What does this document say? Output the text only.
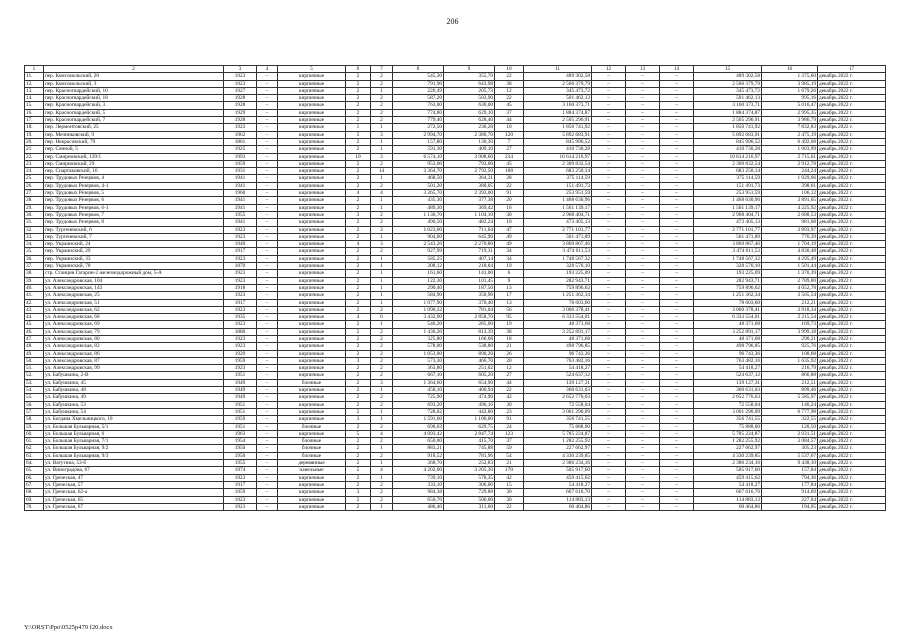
206
1	2	3	4	5	6	7	8	9	10	11	12	13	14	15	16	17
11.	пер. Комсомольский, 20	1923	–	кирпичные	2	2	545,30	355,70	22	489 302,58	–	–	–	489 302,58	1 375,60	декабрь 2022 г.
12.	пер. Комсомольский, 3	1923	–	кирпичные	2	2	791,90	643,98	38	2 566 379,79	–	–	–	2 566 379,79	3 985,19	декабрь 2022 г.
13.	пер. Красногвардейский, 10	1927	–	кирпичные	2	1	220,49	205,73	12	345 473,72	–	–	–	345 473,72	1 679,26	декабрь 2022 г.
14.	пер. Красногвардейский, 18	1928	–	кирпичные	2	2	587,20	503,90	22	501 462,13	–	–	–	501 462,13	995,16	декабрь 2022 г.
15.	пер. Красногвардейский, 3	1928	–	кирпичные	2	2	763,00	630,00	45	3 160 373,71	–	–	–	3 160 373,71	5 016,47	декабрь 2022 г.
16.	пер. Красногвардейский, 5	1929	–	кирпичные	2	2	774,80	629,10	37	1 884 374,87	–	–	–	1 884 374,87	2 995,35	декабрь 2022 г.
17.	пер. Красногвардейский, 7	1928	–	кирпичные	2	2	779,40	628,40	44	2 505 296,91	–	–	–	2 505 296,91	3 986,79	декабрь 2022 г.
18.	пер. Лермонтовский, 25	1923	–	кирпичные	1	1	272,50	236,28	10	1 850 741,92	–	–	–	1 850 741,92	7 832,83	декабрь 2022 г.
19.	пер. Мечниковский, 9	1962	–	кирпичные	5	3	2 994,70	2 380,70	120	5 892 683,91	–	–	–	5 892 683,91	2 475,19	декабрь 2022 г.
20.	пер. Некрасовский, 79	1861	–	кирпичные	2	1	157,80	130,30	7	845 996,52	–	–	–	845 996,52	6 492,68	декабрь 2022 г.
21.	пер. Сеиной, 5	1925	–	кирпичные	2	1	591,30	409,10	27	410 730,28	–	–	–	410 730,28	1 003,99	декабрь 2022 г.
22.	пер. Смирновский, 139/1	1993	–	кирпичные	10	3	6 574,10	3 908,60	234	10 614 216,97	–	–	–	10 614 216,97	2 715,61	декабрь 2022 г.
23.	пер. Смирновский, 29	1959	–	кирпичные	2	2	953,00	793,00	45	2 309 832,54	–	–	–	2 309 832,54	2 912,78	декабрь 2022 г.
24.	пер. Спартаковский, 16	1931	–	кирпичные	2	14	3 364,70	2 792,50	188	683 250,14	–	–	–	683 250,14	244,24	декабрь 2022 г.
25.	пер. Трудовых Резервов, 4	1941	–	кирпичные	2	1	468,50	364,31	28	375 114,59	–	–	–	375 114,59	1 029,66	декабрь 2022 г.
26.	пер. Трудовых Резервов, 4-1	1941	–	кирпичные	2	2	501,20	380,05	22	151 491,73	–	–	–	151 491,73	398,61	декабрь 2022 г.
27.	пер. Трудовых Резервов, 5	1960	–	кирпичные	4	4	3 265,70	2 393,00	91	253 951,59	–	–	–	253 951,59	106,12	декабрь 2022 г.
28.	пер. Трудовых Резервов, 6	1941	–	кирпичные	2	1	435,30	377,38	20	1 468 630,96	–	–	–	1 468 630,96	3 891,65	декабрь 2022 г.
29.	пер. Трудовых Резервов, 6-1	1941	–	кирпичные	2	1	489,30	369,42	16	1 561 139,17	–	–	–	1 561 139,17	4 225,92	декабрь 2022 г.
30.	пер. Трудовых Резервов, 7	1955	–	кирпичные	3	2	1 136,70	1 104,10	30	2 968 404,71	–	–	–	2 968 404,71	2 688,53	декабрь 2022 г.
31.	пер. Трудовых Резервов, 8	1941	–	кирпичные	2	2	490,50	482,24	10	473 405,13	–	–	–	473 405,13	981,68	декабрь 2022 г.
32.	пер. Тургеневский, 6	1923	–	кирпичные	2	3	1 023,00	711,64	47	2 771 101,77	–	–	–	2 771 101,77	3 893,97	декабрь 2022 г.
33.	пер. Тургеневский, 7	1923	–	кирпичные	2	1	904,00	645,90	49	501 471,89	–	–	–	501 471,89	776,39	декабрь 2022 г.
34.	пер. Украинский, 24	1940	–	кирпичные	4	3	2 543,20	2 270,80	49	3 869 867,46	–	–	–	3 869 867,46	1 704,19	декабрь 2022 г.
35.	пер. Украинский, 29	1917	–	кирпичные	2	2	927,99	719,31	34	3 474 611,53	–	–	–	3 474 611,53	4 830,48	декабрь 2022 г.
36.	пер. Украинский, 33	1923	–	кирпичные	2	1	585,25	407,14	34	1 748 567,32	–	–	–	1 748 567,32	4 295,49	декабрь 2022 г.
37.	пер. Украинский, 78	1870	–	кирпичные	2	1	308,12	218,84	19	328 576,10	–	–	–	328 576,10	1 501,44	декабрь 2022 г.
38.	стр. Станция Гагарин-2 железнодорожный дом, 5-А	1923	–	кирпичные	2	1	161,60	141,00	6	193 225,09	–	–	–	193 225,09	1 370,39	декабрь 2022 г.
39.	ул. Александровская, 104	1923	–	кирпичные	2	1	122,30	101,45	9	282 943,71	–	–	–	282 943,71	2 789,00	декабрь 2022 г.
40.	ул. Александровская, 143	1918	–	кирпичные	2	1	290,40	187,50	13	759 896,62	–	–	–	759 896,62	4 052,78	декабрь 2022 г.
41.	ул. Александровская, 25	1923	–	кирпичные	2	1	584,90	350,96	17	1 251 362,34	–	–	–	1 251 362,34	3 565,54	декабрь 2022 г.
42.	ул. Александровская, 51	1917	–	кирпичные	2	1	1 077,90	370,40	13	78 603,60	–	–	–	78 603,60	212,21	декабрь 2022 г.
43.	ул. Александровская, 62	1923	–	кирпичные	2	2	1 090,32	781,04	56	3 060 378,41	–	–	–	3 060 378,41	3 918,34	декабрь 2022 г.
44.	ул. Александровская, 68	1935	–	кирпичные	4	6	3 432,90	2 858,70	95	6 333 554,01	–	–	–	6 333 554,01	2 215,54	декабрь 2022 г.
45.	ул. Александровская, 69	1923	–	кирпичные	2	1	546,20	285,00	19	48 371,68	–	–	–	48 371,68	169,73	декабрь 2022 г.
46.	ул. Александровская, 79	1880	–	кирпичные	2	2	1 436,20	813,39	38	3 252 891,17	–	–	–	3 252 891,17	3 999,18	декабрь 2022 г.
47.	ул. Александровская, 80	1923	–	кирпичные	2	2	325,80	166,68	18	48 371,68	–	–	–	48 371,68	290,21	декабрь 2022 г.
48.	ул. Александровская, 82	1923	–	кирпичные	2	2	578,00	538,80	21	498 796,85	–	–	–	498 796,85	925,76	декабрь 2022 г.
49.	ул. Александровская, 86	1929	–	кирпичные	2	2	1 053,00	890,20	26	96 743,36	–	–	–	96 743,36	108,68	декабрь 2022 г.
50.	ул. Александровская, 87	1959	–	кирпичные	3	2	573,30	466,70	20	763 482,16	–	–	–	763 482,16	1 635,92	декабрь 2022 г.
51.	ул. Александровская, 99	1923	–	кирпичные	2	2	363,80	251,02	12	54 418,27	–	–	–	54 418,27	216,79	декабрь 2022 г.
52.	ул. Бабушкина, 2-В	1951	–	кирпичные	2	2	667,10	605,20	27	524 637,12	–	–	–	524 637,12	866,88	декабрь 2022 г.
53.	ул. Бабушкина, 45	1949	–	блочные	2	3	1 364,60	654,90	44	139 127,31	–	–	–	139 127,31	212,51	декабрь 2022 г.
54.	ул. Бабушкина, 48	1949	–	кирпичные	2	1	458,10	400,94	22	360 631,03	–	–	–	360 631,03	899,46	декабрь 2022 г.
55.	ул. Бабушкина, 49	1949	–	кирпичные	2	2	725,90	474,90	42	2 652 776,63	–	–	–	2 652 776,63	5 585,97	декабрь 2022 г.
56.	ул. Бабушкина, 53	1951	–	кирпичные	2	2	693,20	496,16	30	72 558,04	–	–	–	72 558,04	146,24	декабрь 2022 г.
57.	ул. Бабушкина, 54	1951	–	кирпичные	2	1	728,62	442,80	23	3 001 290,09	–	–	–	3 001 290,09	6 777,98	декабрь 2022 г.
58.	ул. Богдана Хмельницкого, 10	1959	–	кирпичные	3	1	1 591,60	1 106,00	91	356 741,55	–	–	–	356 741,55	322,55	декабрь 2022 г.
59.	ул. Большая Бульварная, 5/1	1951	–	блочные	2	2	690,03	629,75	24	75 888,00	–	–	–	75 888,00	120,50	декабрь 2022 г.
60.	ул. Большая Бульварная, 6	1963	–	кирпичные	5	4	4 093,42	2 847,74	123	5 785 224,87	–	–	–	5 785 224,87	2 031,51	декабрь 2022 г.
61.	ул. Большая Бульварная, 7/1	1954	–	блочные	2	2	650,00	415,70	37	1 282 255,92	–	–	–	1 282 255,92	3 084,57	декабрь 2022 г.
62.	ул. Большая Бульварная, 9/2	1950	–	блочные	2	1	883,21	745,88	59	227 662,97	–	–	–	227 662,97	305,23	декабрь 2022 г.
63.	ул. Большая Бульварная, 9/3	1950	–	блочные	2	2	918,52	781,96	54	4 330 239,85	–	–	–	4 330 239,85	5 537,67	декабрь 2022 г.
64.	ул. Ватутина, 53-б	1955	–	деревянные	2	1	368,70	252,83	21	2 386 234,16	–	–	–	2 386 234,16	9 438,10	декабрь 2022 г.
65.	ул. Виноградова, 67	1974	–	панельные	5	4	4 202,00	3 205,30	170	505 917,60	–	–	–	505 917,60	157,84	декабрь 2022 г.
66.	ул. Греческая, 47	1923	–	кирпичные	2	1	739,10	578,35	42	459 415,62	–	–	–	459 415,62	794,36	декабрь 2022 г.
67.	ул. Греческая, 57	1917	–	кирпичные	2	2	333,10	306,00	15	54 418,27	–	–	–	54 418,27	177,84	декабрь 2022 г.
68.	ул. Греческая, 62-а	1959	–	кирпичные	3	2	984,38	729,88	30	667 616,70	–	–	–	667 616,70	914,69	декабрь 2022 г.
69.	ул. Греческая, 65	1923	–	кирпичные	2	2	650,70	506,00	30	114 883,13	–	–	–	114 883,13	227,04	декабрь 2022 г.
70.	ул. Греческая, 67	1923	–	кирпичные	2	1	486,40	311,60	22	60 464,86	–	–	–	60 464,86	194,05	декабрь 2022 г.
Y:\ORST\Ppo\0525p479 f20.docx
